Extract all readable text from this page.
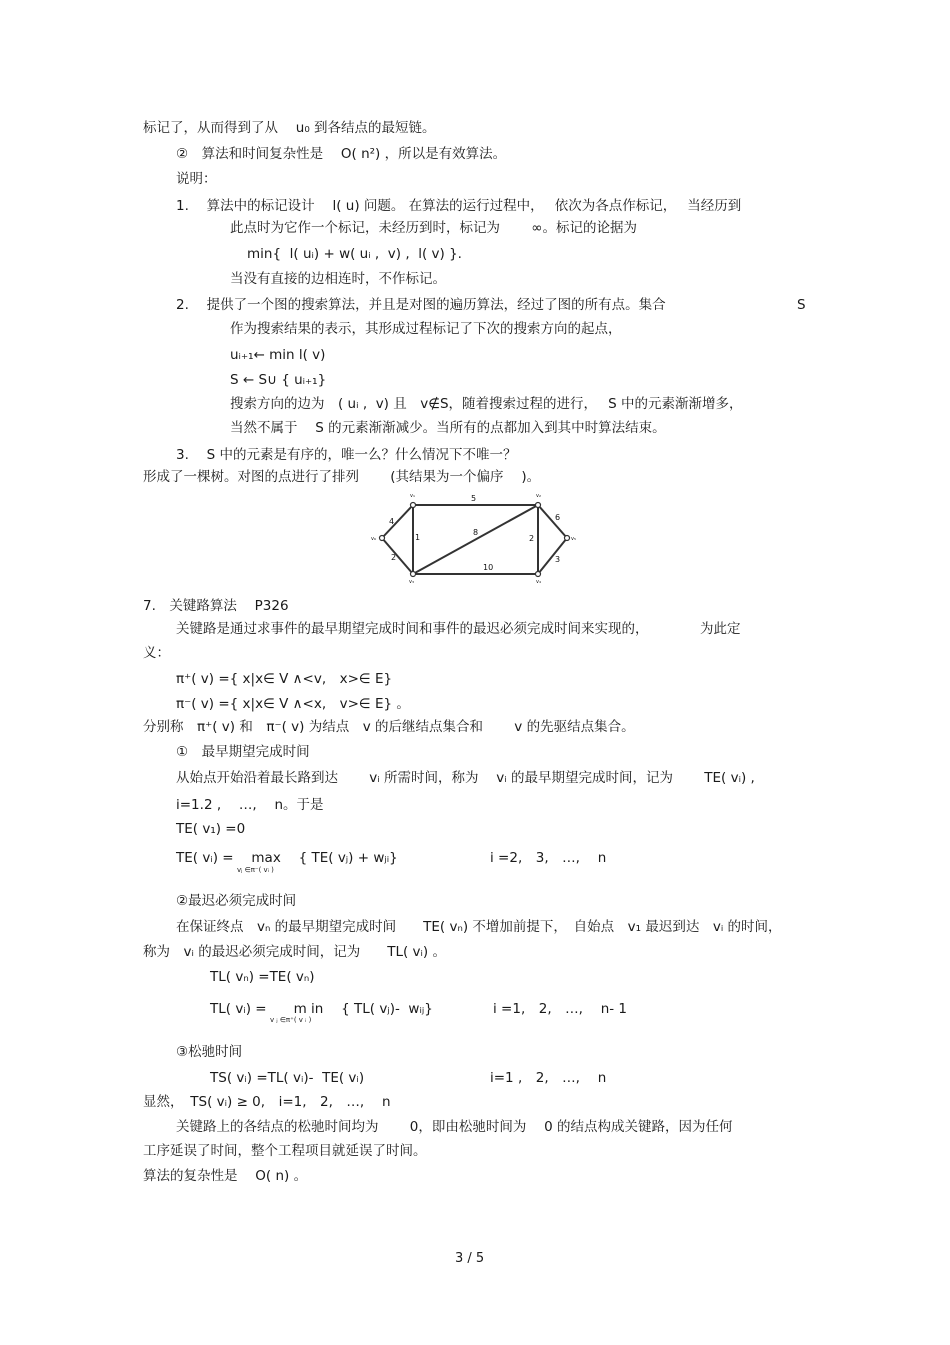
标记了，从而得到了从　 u₀ 到各结点的最短链。
②　算法和时间复杂性是　 O( n²) ，所以是有效算法。
说明：
1.　 算法中的标记设计　 l( u) 问题。 在算法的运行过程中，　 依次为各点作标记，　 当经历到
此点时为它作一个标记，未经历到时，标记为　　 ∞。标记的论据为
min{  l( uᵢ) + w( uᵢ ,  v) ,  l( v) }.
当没有直接的边相连时，不作标记。
2.　 提供了一个图的搜索算法，并且是对图的遍历算法，经过了图的所有点。集合	S
作为搜索结果的表示，其形成过程标记了下次的搜索方向的起点，
uᵢ₊₁← min l( v)
S ← S∪ { uᵢ₊₁}
搜索方向的边为　( uᵢ ,  v) 且　v∉S，随着搜索过程的进行，　 S 中的元素渐渐增多，
当然不属于　 S 的元素渐渐减少。当所有的点都加入到其中时算法结束。
3.　 S 中的元素是有序的，唯一么？什么情况下不唯一？
形成了一棵树。对图的点进行了排列　　 (其结果为一个偏序　 )。
5
4
1
8
2
6
2
3
10
v₁	v₂
v₃	v₄
v₅
v₆
7.　关键路算法　 P326
关键路是通过求事件的最早期望完成时间和事件的最迟必须完成时间来实现的，　　　　 为此定
义：
π⁺( v) ={ x|x∈ V ∧<v,　x>∈ E}
π⁻( v) ={ x|x∈ V ∧<x,　v>∈ E} 。
分别称　π⁺( v) 和　π⁻( v) 为结点　v 的后继结点集合和　　 v 的先驱结点集合。
①　最早期望完成时间
从始点开始沿着最长路到达　　 vᵢ 所需时间，称为　 vᵢ 的最早期望完成时间，记为　　 TE( vᵢ) ,
i=1.2 ,　 …,　 n。于是
TE( v₁) =0
TE( vᵢ) =　 max　 { TE( vⱼ) + wⱼᵢ}
vⱼ ∈π⁻( vᵢ )
i =2,　3,　…,　 n
②最迟必须完成时间
在保证终点　vₙ 的最早期望完成时间　　TE( vₙ) 不增加前提下，　自始点　v₁ 最迟到达　vᵢ 的时间，
称为　vᵢ 的最迟必须完成时间，记为　　TL( vᵢ) 。
TL( vₙ) =TE( vₙ)
TL( vᵢ) =　　m in　 { TL( vⱼ)-  wᵢⱼ}
v ⱼ ∈π⁺( v ᵢ )
i =1,　2,　…,　 n- 1
③松驰时间
TS( vᵢ) =TL( vᵢ)-  TE( vᵢ)	i=1 ,　2,　…,　 n
显然，　TS( vᵢ) ≥ 0,　i=1,　2,　…,　 n
关键路上的各结点的松驰时间均为　　 0，即由松驰时间为　 0 的结点构成关键路，因为任何
工序延误了时间，整个工程项目就延误了时间。
算法的复杂性是　 O( n) 。
3 / 5
